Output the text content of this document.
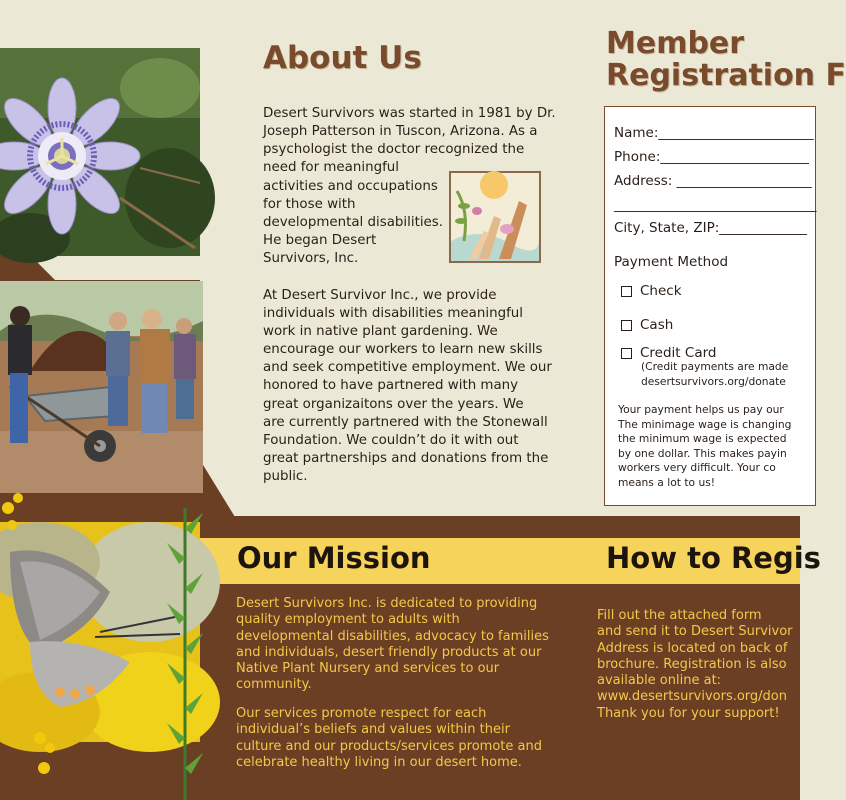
About Us
Desert Survivors was started in 1981 by Dr.
Joseph Patterson in Tuscon, Arizona. As a
psychologist the doctor recognized the
need for meaningful
activities and occupations
for those with
developmental disabilities.
He began Desert
Survivors, Inc.
At Desert Survivor Inc., we provide
individuals with disabilities meaningful
work in native plant gardening. We
encourage our workers to learn new skills
and seek competitive employment. We our
honored to have partnered with many
great organizaitons over the years. We
are currently partnered with the Stonewall
Foundation. We couldn’t do it with out
great partnerships and donations from the
public.
Member
Registration F
Name:_______________________
Phone:______________________
Address: ____________________
______________________________
City, State, ZIP:_____________
Payment Method
Check
Cash
Credit Card
(Credit payments are made
desertsurvivors.org/donate
Your payment helps us pay our
The minimage wage is changing
the minimum wage is expected
by one dollar. This makes payin
workers very difficult. Your co
means a lot to us!
Our Mission
Desert Survivors Inc. is dedicated to providing
quality employment to adults with
developmental disabilities, advocacy to families
and individuals, desert friendly products at our
Native Plant Nursery and services to our
community.
Our services promote respect for each
individual’s beliefs and values within their
culture and our products/services promote and
celebrate healthy living in our desert home.
How to Regis
Fill out the attached form
and send it to Desert Survivor
Address is located on back of
brochure. Registration is also
available online at:
www.desertsurvivors.org/don
Thank you for your support!
